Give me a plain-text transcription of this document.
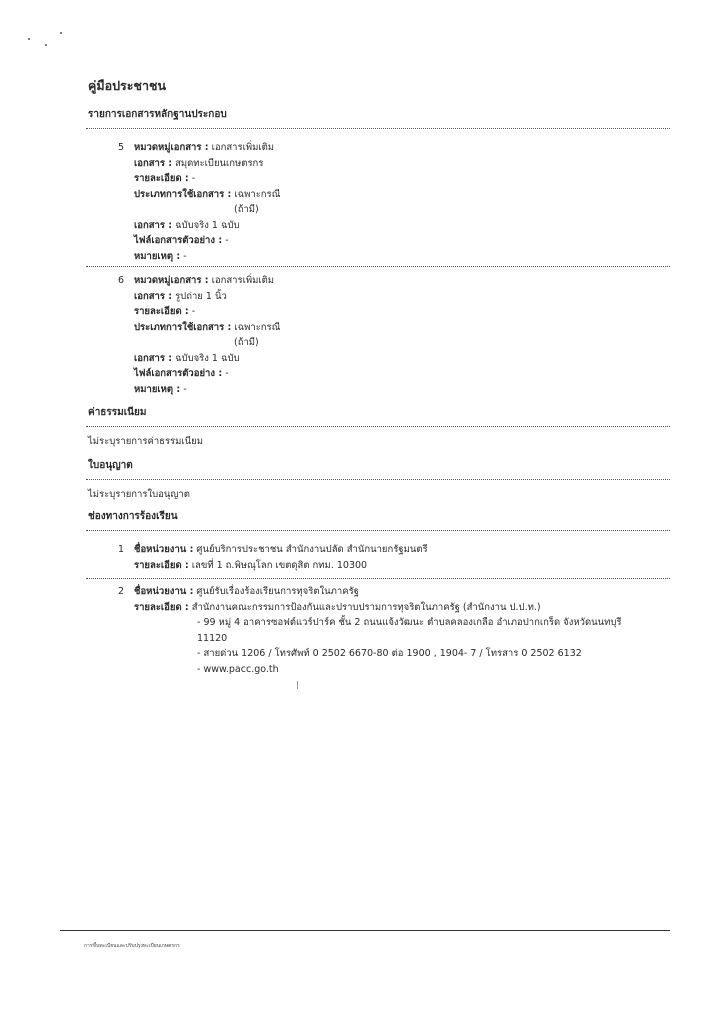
คู่มือประชาชน
รายการเอกสารหลักฐานประกอบ
5 หมวดหมู่เอกสาร : เอกสารเพิ่มเติม
เอกสาร : สมุดทะเบียนเกษตรกร
รายละเอียด : -
ประเภทการใช้เอกสาร : เฉพาะกรณี
(ถ้ามี)
เอกสาร : ฉบับจริง 1 ฉบับ
ไฟล์เอกสารตัวอย่าง : -
หมายเหตุ : -
6 หมวดหมู่เอกสาร : เอกสารเพิ่มเติม
เอกสาร : รูปถ่าย 1 นิ้ว
รายละเอียด : -
ประเภทการใช้เอกสาร : เฉพาะกรณี
(ถ้ามี)
เอกสาร : ฉบับจริง 1 ฉบับ
ไฟล์เอกสารตัวอย่าง : -
หมายเหตุ : -
ค่าธรรมเนียม
ไม่ระบุรายการค่าธรรมเนียม
ใบอนุญาต
ไม่ระบุรายการใบอนุญาต
ช่องทางการร้องเรียน
1 ชื่อหน่วยงาน : ศูนย์บริการประชาชน สำนักงานปลัด สำนักนายกรัฐมนตรี
รายละเอียด : เลขที่ 1 ถ.พิษณุโลก เขตดุสิต กทม. 10300
2 ชื่อหน่วยงาน : ศูนย์รับเรื่องร้องเรียนการทุจริตในภาครัฐ
รายละเอียด : สำนักงานคณะกรรมการป้องกันและปราบปรามการทุจริตในภาครัฐ (สำนักงาน ป.ป.ท.)
- 99 หมู่ 4 อาคารซอฟต์แวร์ปาร์ค ชั้น 2 ถนนแจ้งวัฒนะ ตำบลคลองเกลือ อำเภอปากเกร็ด จังหวัดนนทบุรี
11120
- สายด่วน 1206 / โทรศัพท์ 0 2502 6670-80 ต่อ 1900 , 1904- 7 / โทรสาร 0 2502 6132
- www.pacc.go.th
การขึ้นทะเบียนและปรับปรุงทะเบียนเกษตรกร
